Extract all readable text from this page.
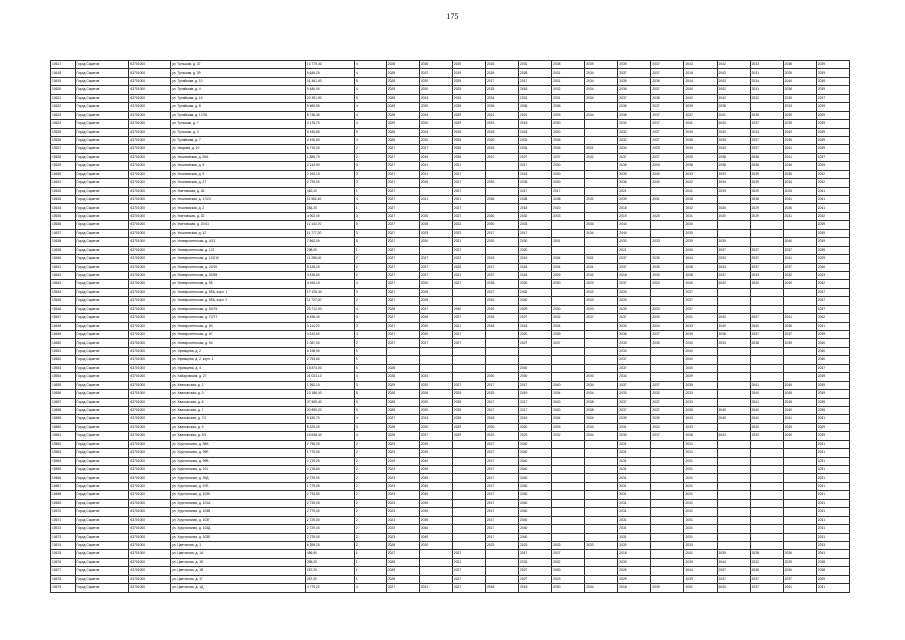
175
10617	Город Саратов	63701000	ул. Тульская, д. 37	14 779,40	4	2028	2026	2029	2033	2031	2038	2039	2039	2037	2043	2042	2033	2038	2039
10618	Город Саратов	63701000	ул. Тульская, д. 39	9 649,20	4	2028	2022	2019	2028	2028	2031	2034	2037	2037	2018	2043	2031	2029	2039
10619	Город Саратов	63701000	ул. Тулайкова, д. 10	31 461,00	5	2028	2020	2029	2017	2017	2031	2034	2035	2036	2044	2043	2034	2040	2036
10620	Город Саратов	63701000	ул. Тулайкова, д. 4	9 480,00	4	2029	2020	2029	2018	2018	2032	2034	2036	2037	2040	2042	2031	2038	2035
10621	Город Саратов	63701000	ул. Тулайкова, д. 19	20 301,90	5	2028	2024	2019	2034	2031	2031	2034	2037	2038	2042	2042	2032	2039	2037
10622	Город Саратов	63701000	ул. Тулайкова, д. 8	9 669,50	4	2028	2020	2029	2036	2036	2036		2036	2037	2039	2038		2033	2039
10623	Город Саратов	63701000	ул. Тулайкова, д. 17/26	8 736,30	4	2028	2024	2029	2021	2021	2033	2034	2038	2037	2037	2041	2035	2039	2039
10624	Город Саратов	63701000	ул. Тульская, д. 7	4 176,70	3	2029	2020	2029	2019	2019	2030		2032	2037	2041	2040	2037	2035	2039
10625	Город Саратов	63701000	ул. Тульская, д. 3	5 445,80	5	2028	2024	2019	2018	2018	2030		2032	2037	2039	2040	2033	2040	2039
10626	Город Саратов	63701000	ул. Тулайкова, д. 7	4 190,60	4	2028	2020	2029	2020	2033	2036		2032	2037	2038	2039	2037	2035	2039
10627	Город Саратов	63701000	ул. Уварова, д. 10	6 715,00	2	2027	2027	2026	2033	2034	2036	2031	2034	2025	2039	2043	2037	2041	2039
10628	Город Саратов	63701000	ул. Ульяновская, д. 26А	1 855,70	2	2027	2019	2026	2027	2027	2037	2032	2037	2037	2035	2038	2038	2041	2037
10629	Город Саратов	63701000	ул. Ульяновская, д. 6	2 144,90	3	2027	2021	2021		2017	2030		2036	2026	2038	2038	2038	2036	2039
10630	Город Саратов	63701000	ул. Ульяновская, д. 9	2 163,10	3	2027	2021	2027		2018	2030		2039	2030	2033	2033	2039	2035	2032
10631	Город Саратов	63701000	ул. Ульяновская, д. 27	2 729,00	3	2027	2026	2027	2032	2033	2030		2036	2030	2032	2034	2039	2034	2032
10632	Город Саратов	63701000	ул. Уметовская, д. 26	462,20	1	2027		2027		2017	2017		2021		2041	2039	2029	2026	2041
10633	Город Саратов	63701000	ул. Ульяновская, д. 17/23	11 552,40	4	2027	2021	2021	2038	2028	2038	2032	2039	2031	2038		2038	2041	2041
10634	Город Саратов	63701000	ул. Ульяновская, д. 2	254,20	1	2027		2027		2018	2020		2018		2032	2030	2029	2036	2041
10635	Город Саратов	63701000	ул. Уметовская, д. 32	4 902,00	3	2027	2020	2027	2030	2032	2033		2019	2020	2031	2030	2029	2031	2032
10636	Город Саратов	63701000	ул. Уметовская, д. 37/41	11 144,70	5	2027	2025	2022	2030	2033		2034	2044		2030				2039
10637	Город Саратов	63701000	ул. Ульяновская, д. 12	11 777,20	3	2027	2023	2022	2017	2017		2034	2044		2030				2039
10638	Город Саратов	63701000	ул. Университетская, д. 4/12	7 862,00	5	2027	2020	2021	2030	2030	2031		2030	2033	2039	2039		2040	2039
10639	Город Саратов	63701000	ул. Университетская, д. 121	298,00	1	2027		2027		2020			2021		2040	2037	2037	2037	2039
10640	Город Саратов	63701000	ул. Университетская, д. 122/10	11 289,00	2	2027	2027	2022	2019	2019	2034	2031	2037	2035	2044	2033	2037	2041	2029
10641	Город Саратов	63701000	ул. Университетская, д. 24/10	5 126,00	2	2027	2027	2026	2017	2018	2034	2031	2037	2035	2038	2033	2037	2037	2040
10642	Город Саратов	63701000	ул. Университетская, д. 52/58	4 438,60	2	2027	2027	2021	2037	2018	2029	2032	2018	2030	2038	2037	2033	2032	2033
10643	Город Саратов	63701000	ул. Университетская, д. 55	4 494,10	3	2027	2020	2027	2028	2030	2030	2020	2037	2020	2040	2042	2040	2040	2032
10644	Город Саратов	63701000	ул. Университетская, д. 59А, корп. 1	17 126,40	3	2027	2025		2017	2032		2042	2033		2037				2037
10645	Город Саратов	63701000	ул. Университетская, д. 59А, корп. 2	11 727,00	2	2027	2025		2032	2040		2043	2033		2037				2037
10646	Город Саратов	63701000	ул. Университетская, д. 60/75	23 712,00	4	2028	2027	2040	2029	2029	2030	2030	2039	2033	2037				2037
10647	Город Саратов	63701000	ул. Университетская, д. 72/77	8 496,40	3	2027	2026	2027	2018	2027	2032	2037	2037	2030	2031	2040	2037	2041	2042
10648	Город Саратов	63701000	ул. Университетская, д. 80	3 114,20	3	2027	2020	2021	2018	2018	2034		2033	2034	2033	2040	2040	2036	2031
10649	Город Саратов	63701000	ул. Университетская, д. 87	4 510,60	4	2027	2020	2027		2020	2039		2036	2037	2039	2036	2037	2037	2039
10650	Город Саратов	63701000	ул. Университетская, д. 94	1 087,00	2	2027	2027	2027		2027	2037		2030	2030	2030	2033	2038	2039	2030
10651	Город Саратов	63701000	ул. Уфимцева, д. 2	6 198,90	5								2034		2040				2040
10652	Город Саратов	63701000	ул. Уфимцева, д. 2, корп. 1	2 753,60	5								2037		2040				2040
10653	Город Саратов	63701000	ул. Уфимцева, д. 4	15 874,00	5	2028				2040			2037		2040				2037
10654	Город Саратов	63701000	ул. Хабаровская, д. 27	21 023,10	4	2028	2024		2030	2030		2040	2034		2039				2039
10655	Город Саратов	63701000	ул. Хвалынская, д. 2	1 952,10	3	2029	2020	2027	2017	2017	2040	2034	2037	2037	2035		2041	2045	2039
10656	Город Саратов	63701000	ул. Хвалынская, д. 3	10 186,00	5	2028	2026	2029	2019	2019	2034	2034	2033	2032	2033		2040	2045	2039
10657	Город Саратов	63701000	ул. Хвалынская, д. 6	37 565,40	5	2028	2020	2026	2017	2017	2040	2038	2037	2037	2033		2041	2045	2039
10658	Город Саратов	63701000	ул. Хвалынская, д. 7	20 890,20	5	2028	2020	2029	2017	2017	2030	2038	2037	2037	2038	2040	2040	2040	2035
10659	Город Саратов	63701000	ул. Хвалынская, д. 7/1	9 630,70	4	2027	2024	2029	2018	2019	2034	2034	2039	2039	2043	2040	2040	2041	2031
10660	Город Саратов	63701000	ул. Хвалынская, д. 9	5 325,00	3	2028	2020	2029	2030	2020	2033	2033	2031	2033	2033		2040	2043	2029
10661	Город Саратов	63701000	ул. Хвалынская, д. 9/1	15 638,40	4	2028	2027	2029	2023	2023	2032	2034	2030	2037	2038	2043	2032	2040	2039
10662	Город Саратов	63701000	ул. Хрустальная, д. 98А	2 755,00	2	2023	2039		2017	2040			2031		2031				2031
10663	Город Саратов	63701000	ул. Хрустальная, д. 99Б	1 779,00	2	2023	2039		2017	2040			2031		2031				2031
10664	Город Саратов	63701000	ул. Хрустальная, д. 99В	2 729,20	2	2019	2040		2017	2040			2031		2031				2031
10665	Город Саратов	63701000	ул. Хрустальная, д. 101	2 726,60	2	2023	2039		2017	2040			2031		2031				2031
10666	Город Саратов	63701000	ул. Хрустальная, д. 99Д	2 729,00	2	2023	2039		2017	2040			2031		2031				2031
10667	Город Саратов	63701000	ул. Хрустальная, д. 97Б	1 779,00	2	2023	2040		2017	2040			2031		2031				2031
10668	Город Саратов	63701000	ул. Хрустальная, д. 103Б	2 733,80	2	2023	2040		2017	2040			2031		2031				2031
10669	Город Саратов	63701000	ул. Хрустальная, д. 101А	2 725,00	2	2023	2039		2017	2040			2031		2031				2031
10670	Город Саратов	63701000	ул. Хрустальная, д. 103В	2 779,00	2	2023	2039		2017	2040			2031		2031				2031
10671	Город Саратов	63701000	ул. Хрустальная, д. 103Г	2 729,00	2	2023	2039		2017	2040			2031		2031				2031
10672	Город Саратов	63701000	ул. Хрустальная, д. 103Д	2 729,00	2	2023	2040		2017	2040			2031		2031				2031
10673	Город Саратов	63701000	ул. Хрустальная, д. 103Е	2 729,00	2	2023	2040		2017	2040			2031		2031				2031
10674	Город Саратов	63701000	ул. Цветочная, д. 1	6 399,20	2	2028	2020		2023	2023	2033	2033	2030		2033				2033
10675	Город Саратов	63701000	ул. Цветочная, д. 1А	456,90	1	2027		2027		2017	2027		2018		2041	2039	2038	2026	2041
10676	Город Саратов	63701000	ул. Цветочная, д. 1Б	255,20	1	2028		2021		2033	2032		2030		2039	2044	2032	2029	2038
10677	Город Саратов	63701000	ул. Цветочная, д. 1В	267,20	1	2028		2027		2027	2030		2026		2044	2037	2038	2026	2038
10678	Город Саратов	63701000	ул. Цветочная, д. 1Г	267,00	1	2028		2027		2027	2023		2029		2039	2037	2037	2037	2039
10679	Город Саратов	63701000	ул. Цветочная, д. 1Д	4 779,22	3	2027	2021	2027	2018	2019	2030	2034	2018	2039	2031	2040	2037	2041	2031
